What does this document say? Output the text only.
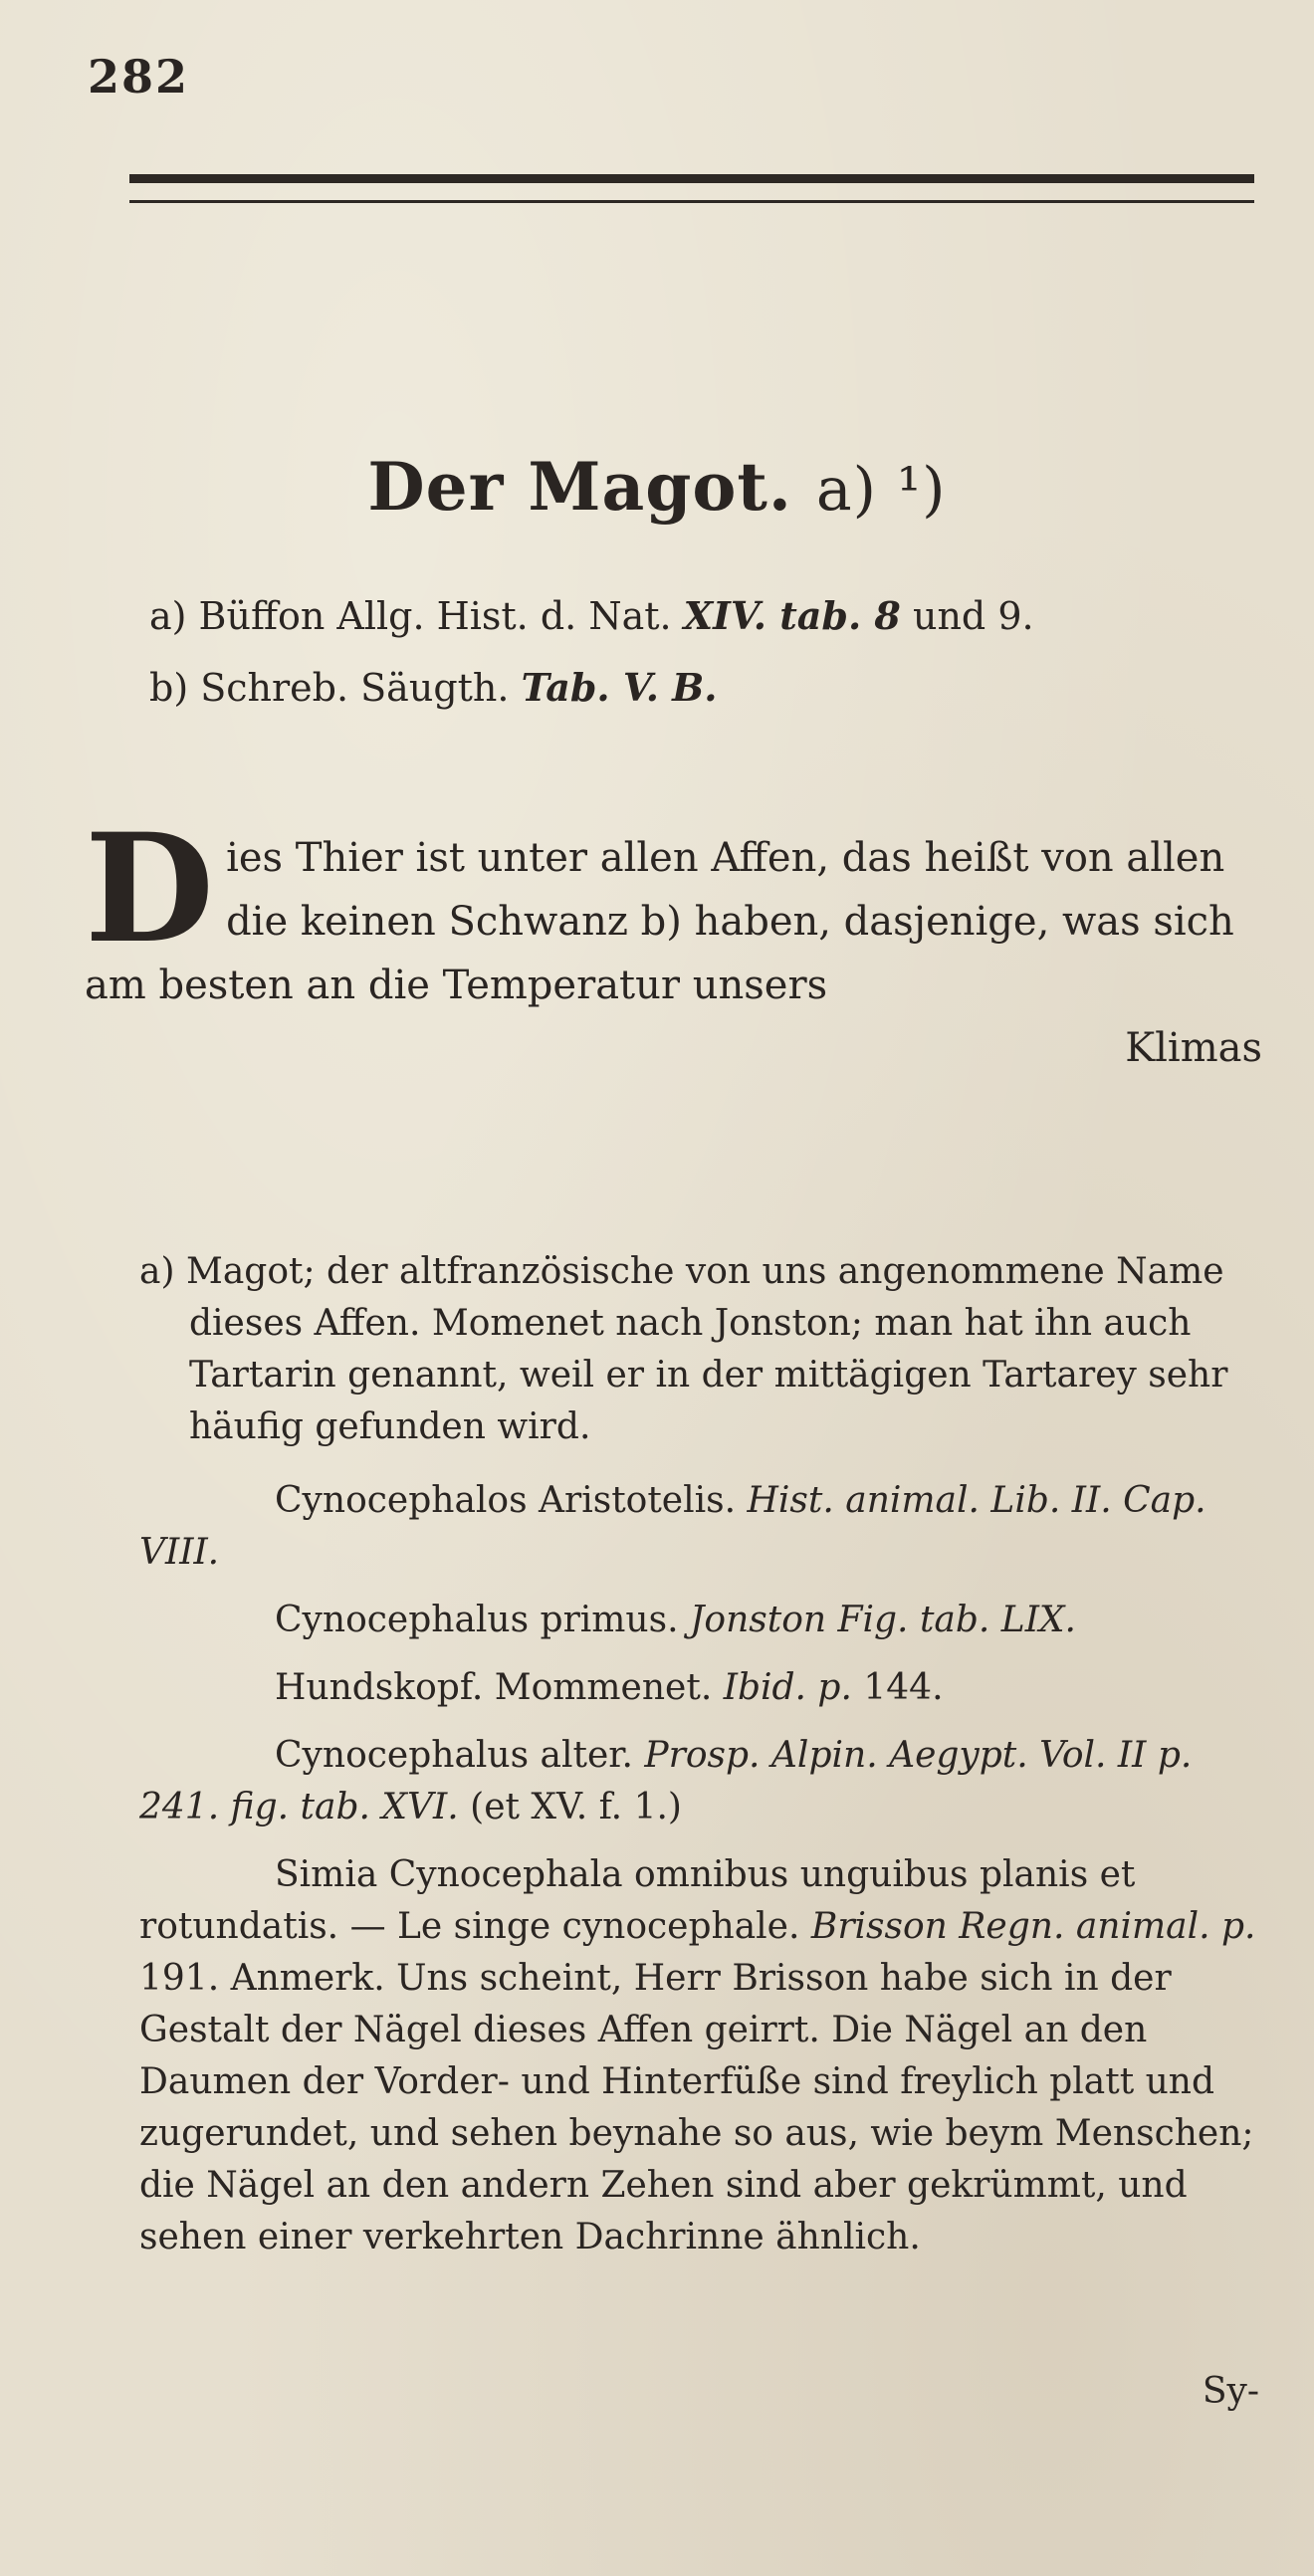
282
Der Magot. a) ¹)
a) Büffon Allg. Hist. d. Nat. XIV. tab. 8 und 9.
b) Schreb. Säugth. Tab. V. B.
D ies Thier ist unter allen Affen, das heißt von allen die keinen Schwanz b) haben, dasjenige, was sich am besten an die Temperatur unsers
Klimas

a) Magot; der altfranzösische von uns angenommene Name dieses Affen. Momenet nach Jonston; man hat ihn auch Tartarin genannt, weil er in der mittägigen Tartarey sehr häufig gefunden wird.

Cynocephalos Aristotelis. Hist. animal. Lib. II. Cap. VIII.

Cynocephalus primus. Jonston Fig. tab. LIX.

Hundskopf. Mommenet. Ibid. p. 144.

Cynocephalus alter. Prosp. Alpin. Aegypt. Vol. II p. 241. fig. tab. XVI. (et XV. f. 1.)

Simia Cynocephala omnibus unguibus planis et rotundatis. — Le singe cynocephale. Brisson Regn. animal. p. 191. Anmerk. Uns scheint, Herr Brisson habe sich in der Gestalt der Nägel dieses Affen geirrt. Die Nägel an den Daumen der Vorder- und Hinterfüße sind freylich platt und zugerundet, und sehen beynahe so aus, wie beym Menschen; die Nägel an den andern Zehen sind aber gekrümmt, und sehen einer verkehrten Dachrinne ähnlich.

Sy-
